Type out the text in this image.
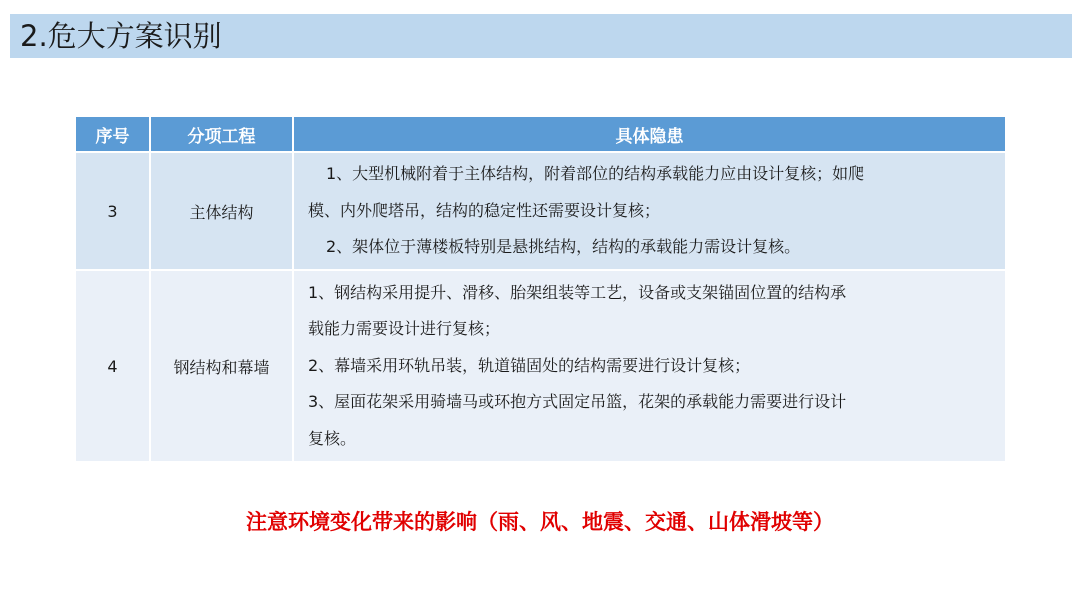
2.危大方案识别
序号	分项工程	具体隐患
3	主体结构	1、大型机械附着于主体结构，附着部位的结构承载能力应由设计复核；如爬
模、内外爬塔吊，结构的稳定性还需要设计复核；
2、架体位于薄楼板特别是悬挑结构，结构的承载能力需设计复核。

4	钢结构和幕墙	1、钢结构采用提升、滑移、胎架组装等工艺，设备或支架锚固位置的结构承
载能力需要设计进行复核；
2、幕墙采用环轨吊装，轨道锚固处的结构需要进行设计复核；
3、屋面花架采用骑墙马或环抱方式固定吊篮，花架的承载能力需要进行设计
复核。
注意环境变化带来的影响（雨、风、地震、交通、山体滑坡等）
